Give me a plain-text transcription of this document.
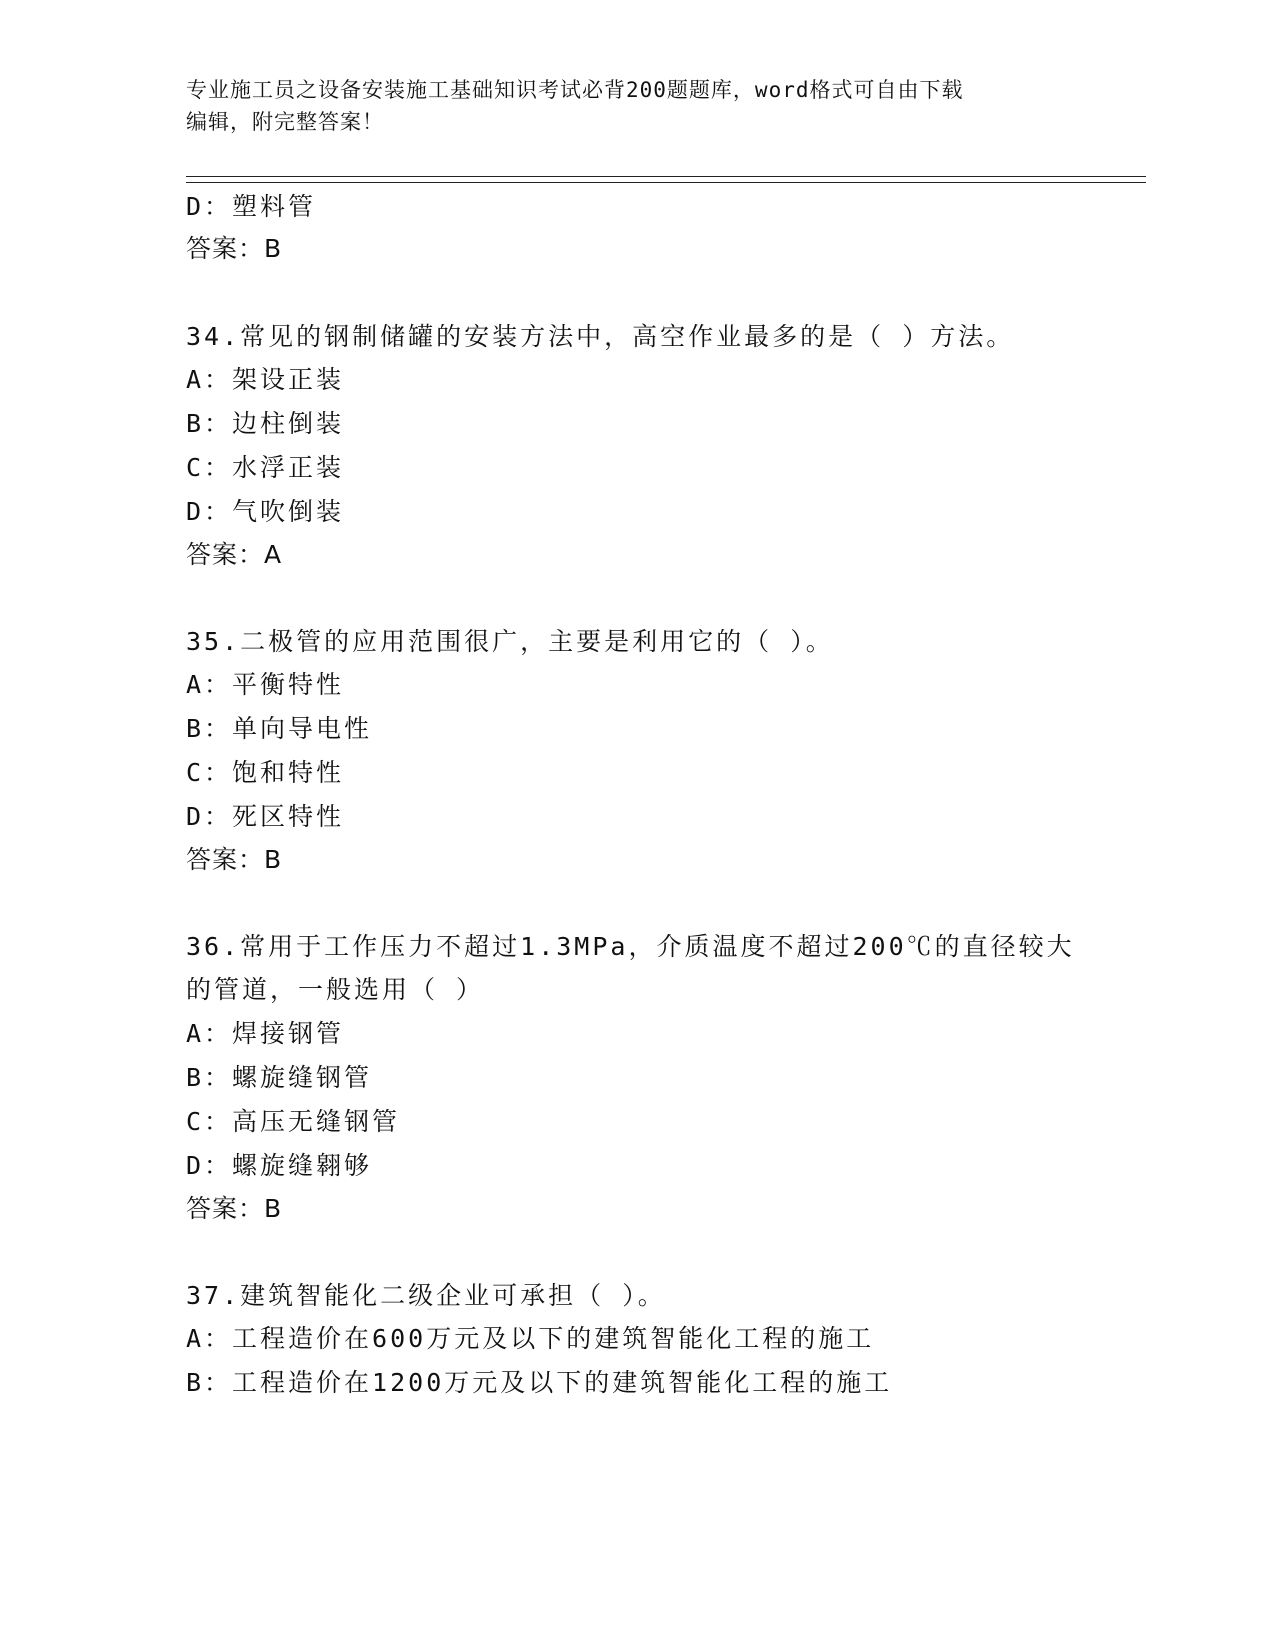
专业施工员之设备安装施工基础知识考试必背200题题库，word格式可自由下载
编辑，附完整答案！
D：塑料管
答案：B
34.常见的钢制储罐的安装方法中，高空作业最多的是（ ）方法。
A：架设正装
B：边柱倒装
C：水浮正装
D：气吹倒装
答案：A
35.二极管的应用范围很广，主要是利用它的（ ）。
A：平衡特性
B：单向导电性
C：饱和特性
D：死区特性
答案：B
36.常用于工作压力不超过1.3MPa，介质温度不超过200℃的直径较大
的管道，一般选用（ ）
A：焊接钢管
B：螺旋缝钢管
C：高压无缝钢管
D：螺旋缝翱够
答案：B
37.建筑智能化二级企业可承担（ ）。
A：工程造价在600万元及以下的建筑智能化工程的施工
B：工程造价在1200万元及以下的建筑智能化工程的施工
